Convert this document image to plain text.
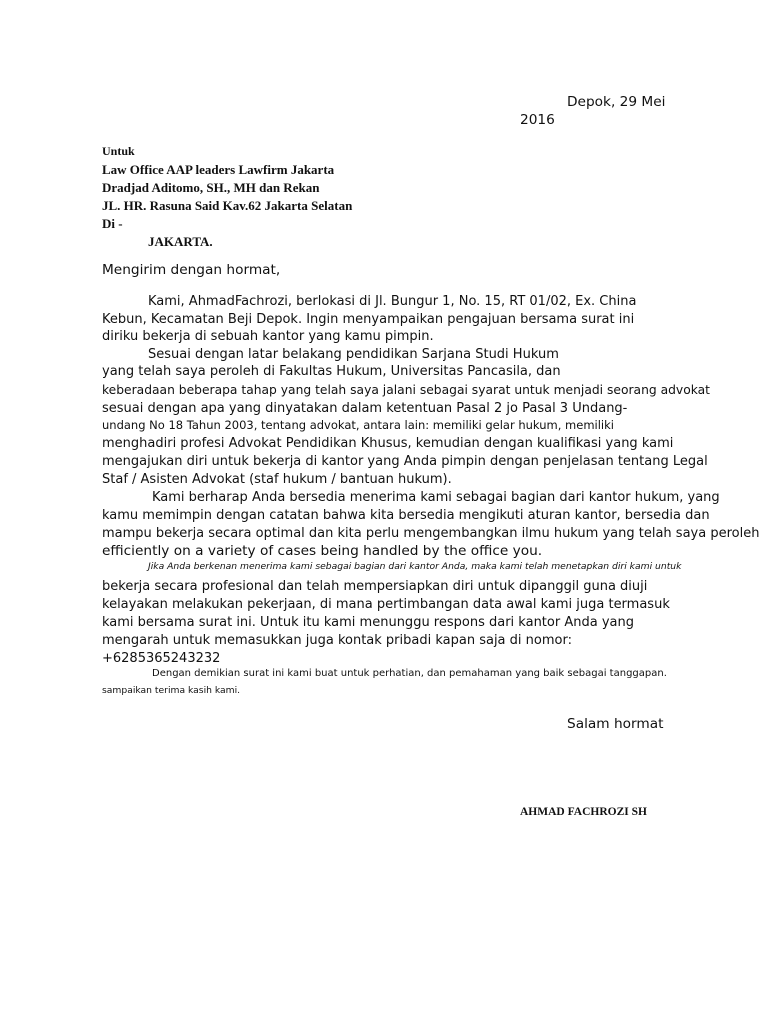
Depok, 29 Mei
2016
Untuk
Law Office AAP leaders Lawfirm Jakarta
Dradjad Aditomo, SH., MH dan Rekan
JL. HR. Rasuna Said Kav.62 Jakarta Selatan
Di -
JAKARTA.
Mengirim dengan hormat,
Kami, AhmadFachrozi, berlokasi di Jl. Bungur 1, No. 15, RT 01/02, Ex. China
Kebun, Kecamatan Beji Depok. Ingin menyampaikan pengajuan bersama surat ini
diriku bekerja di sebuah kantor yang kamu pimpin.
Sesuai dengan latar belakang pendidikan Sarjana Studi Hukum
yang telah saya peroleh di Fakultas Hukum, Universitas Pancasila, dan
keberadaan beberapa tahap yang telah saya jalani sebagai syarat untuk menjadi seorang advokat
sesuai dengan apa yang dinyatakan dalam ketentuan Pasal 2 jo Pasal 3 Undang-
undang No 18 Tahun 2003, tentang advokat, antara lain: memiliki gelar hukum, memiliki
menghadiri profesi Advokat Pendidikan Khusus, kemudian dengan kualifikasi yang kami
mengajukan diri untuk bekerja di kantor yang Anda pimpin dengan penjelasan tentang Legal
Staf / Asisten Advokat (staf hukum / bantuan hukum).
Kami berharap Anda bersedia menerima kami sebagai bagian dari kantor hukum, yang
kamu memimpin dengan catatan bahwa kita bersedia mengikuti aturan kantor, bersedia dan
mampu bekerja secara optimal dan kita perlu mengembangkan ilmu hukum yang telah saya peroleh
efficiently on a variety of cases being handled by the office you.
Jika Anda berkenan menerima kami sebagai bagian dari kantor Anda, maka kami telah menetapkan diri kami untuk
bekerja secara profesional dan telah mempersiapkan diri untuk dipanggil guna diuji
kelayakan melakukan pekerjaan, di mana pertimbangan data awal kami juga termasuk
kami bersama surat ini. Untuk itu kami menunggu respons dari kantor Anda yang
mengarah untuk memasukkan juga kontak pribadi kapan saja di nomor:
+6285365243232
Dengan demikian surat ini kami buat untuk perhatian, dan pemahaman yang baik sebagai tanggapan.
sampaikan terima kasih kami.
Salam hormat
AHMAD FACHROZI SH
